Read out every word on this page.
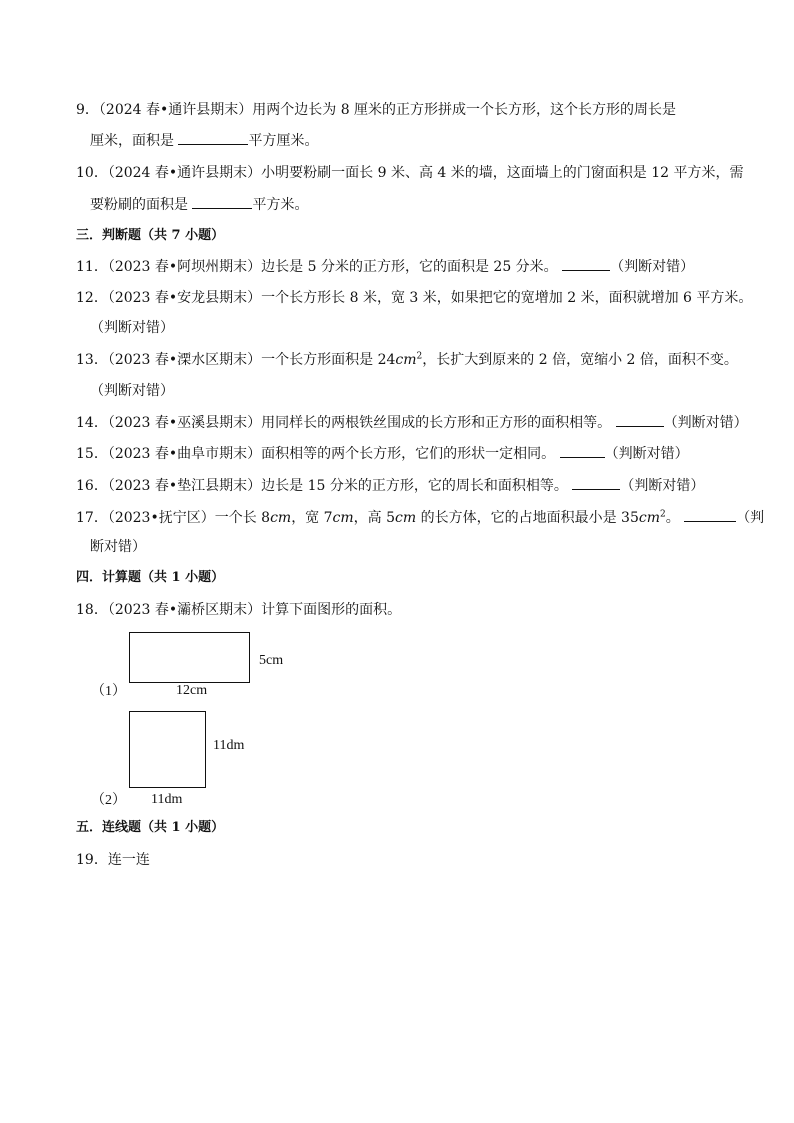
9．（2024 春•通许县期末）用两个边长为 8 厘米的正方形拼成一个长方形，这个长方形的周长是
厘米，面积是	平方厘米。
10．（2024 春•通许县期末）小明要粉刷一面长 9 米、高 4 米的墙，这面墙上的门窗面积是 12 平方米，需
要粉刷的面积是	平方米。
三．判断题（共 7 小题）
11．（2023 春•阿坝州期末）边长是 5 分米的正方形，它的面积是 25 分米。	（判断对错）
12．（2023 春•安龙县期末）一个长方形长 8 米，宽 3 米，如果把它的宽增加 2 米，面积就增加 6 平方米。
（判断对错）
13．（2023 春•溧水区期末）一个长方形面积是 $24cm^2$，长扩大到原来的 2 倍，宽缩小 2 倍，面积不变。
（判断对错）
14．（2023 春•巫溪县期末）用同样长的两根铁丝围成的长方形和正方形的面积相等。	（判断对错）
15．（2023 春•曲阜市期末）面积相等的两个长方形，它们的形状一定相同。	（判断对错）
16．（2023 春•垫江县期末）边长是 15 分米的正方形，它的周长和面积相等。	（判断对错）
17．（2023•抚宁区）一个长 8cm，宽 7cm，高 5cm 的长方体，它的占地面积最小是 $35cm^2$。	（判
断对错）
四．计算题（共 1 小题）
18．（2023 春•灞桥区期末）计算下面图形的面积。
5cm
12cm
（1）
11dm
11dm
（2）
五．连线题（共 1 小题）
19．连一连
